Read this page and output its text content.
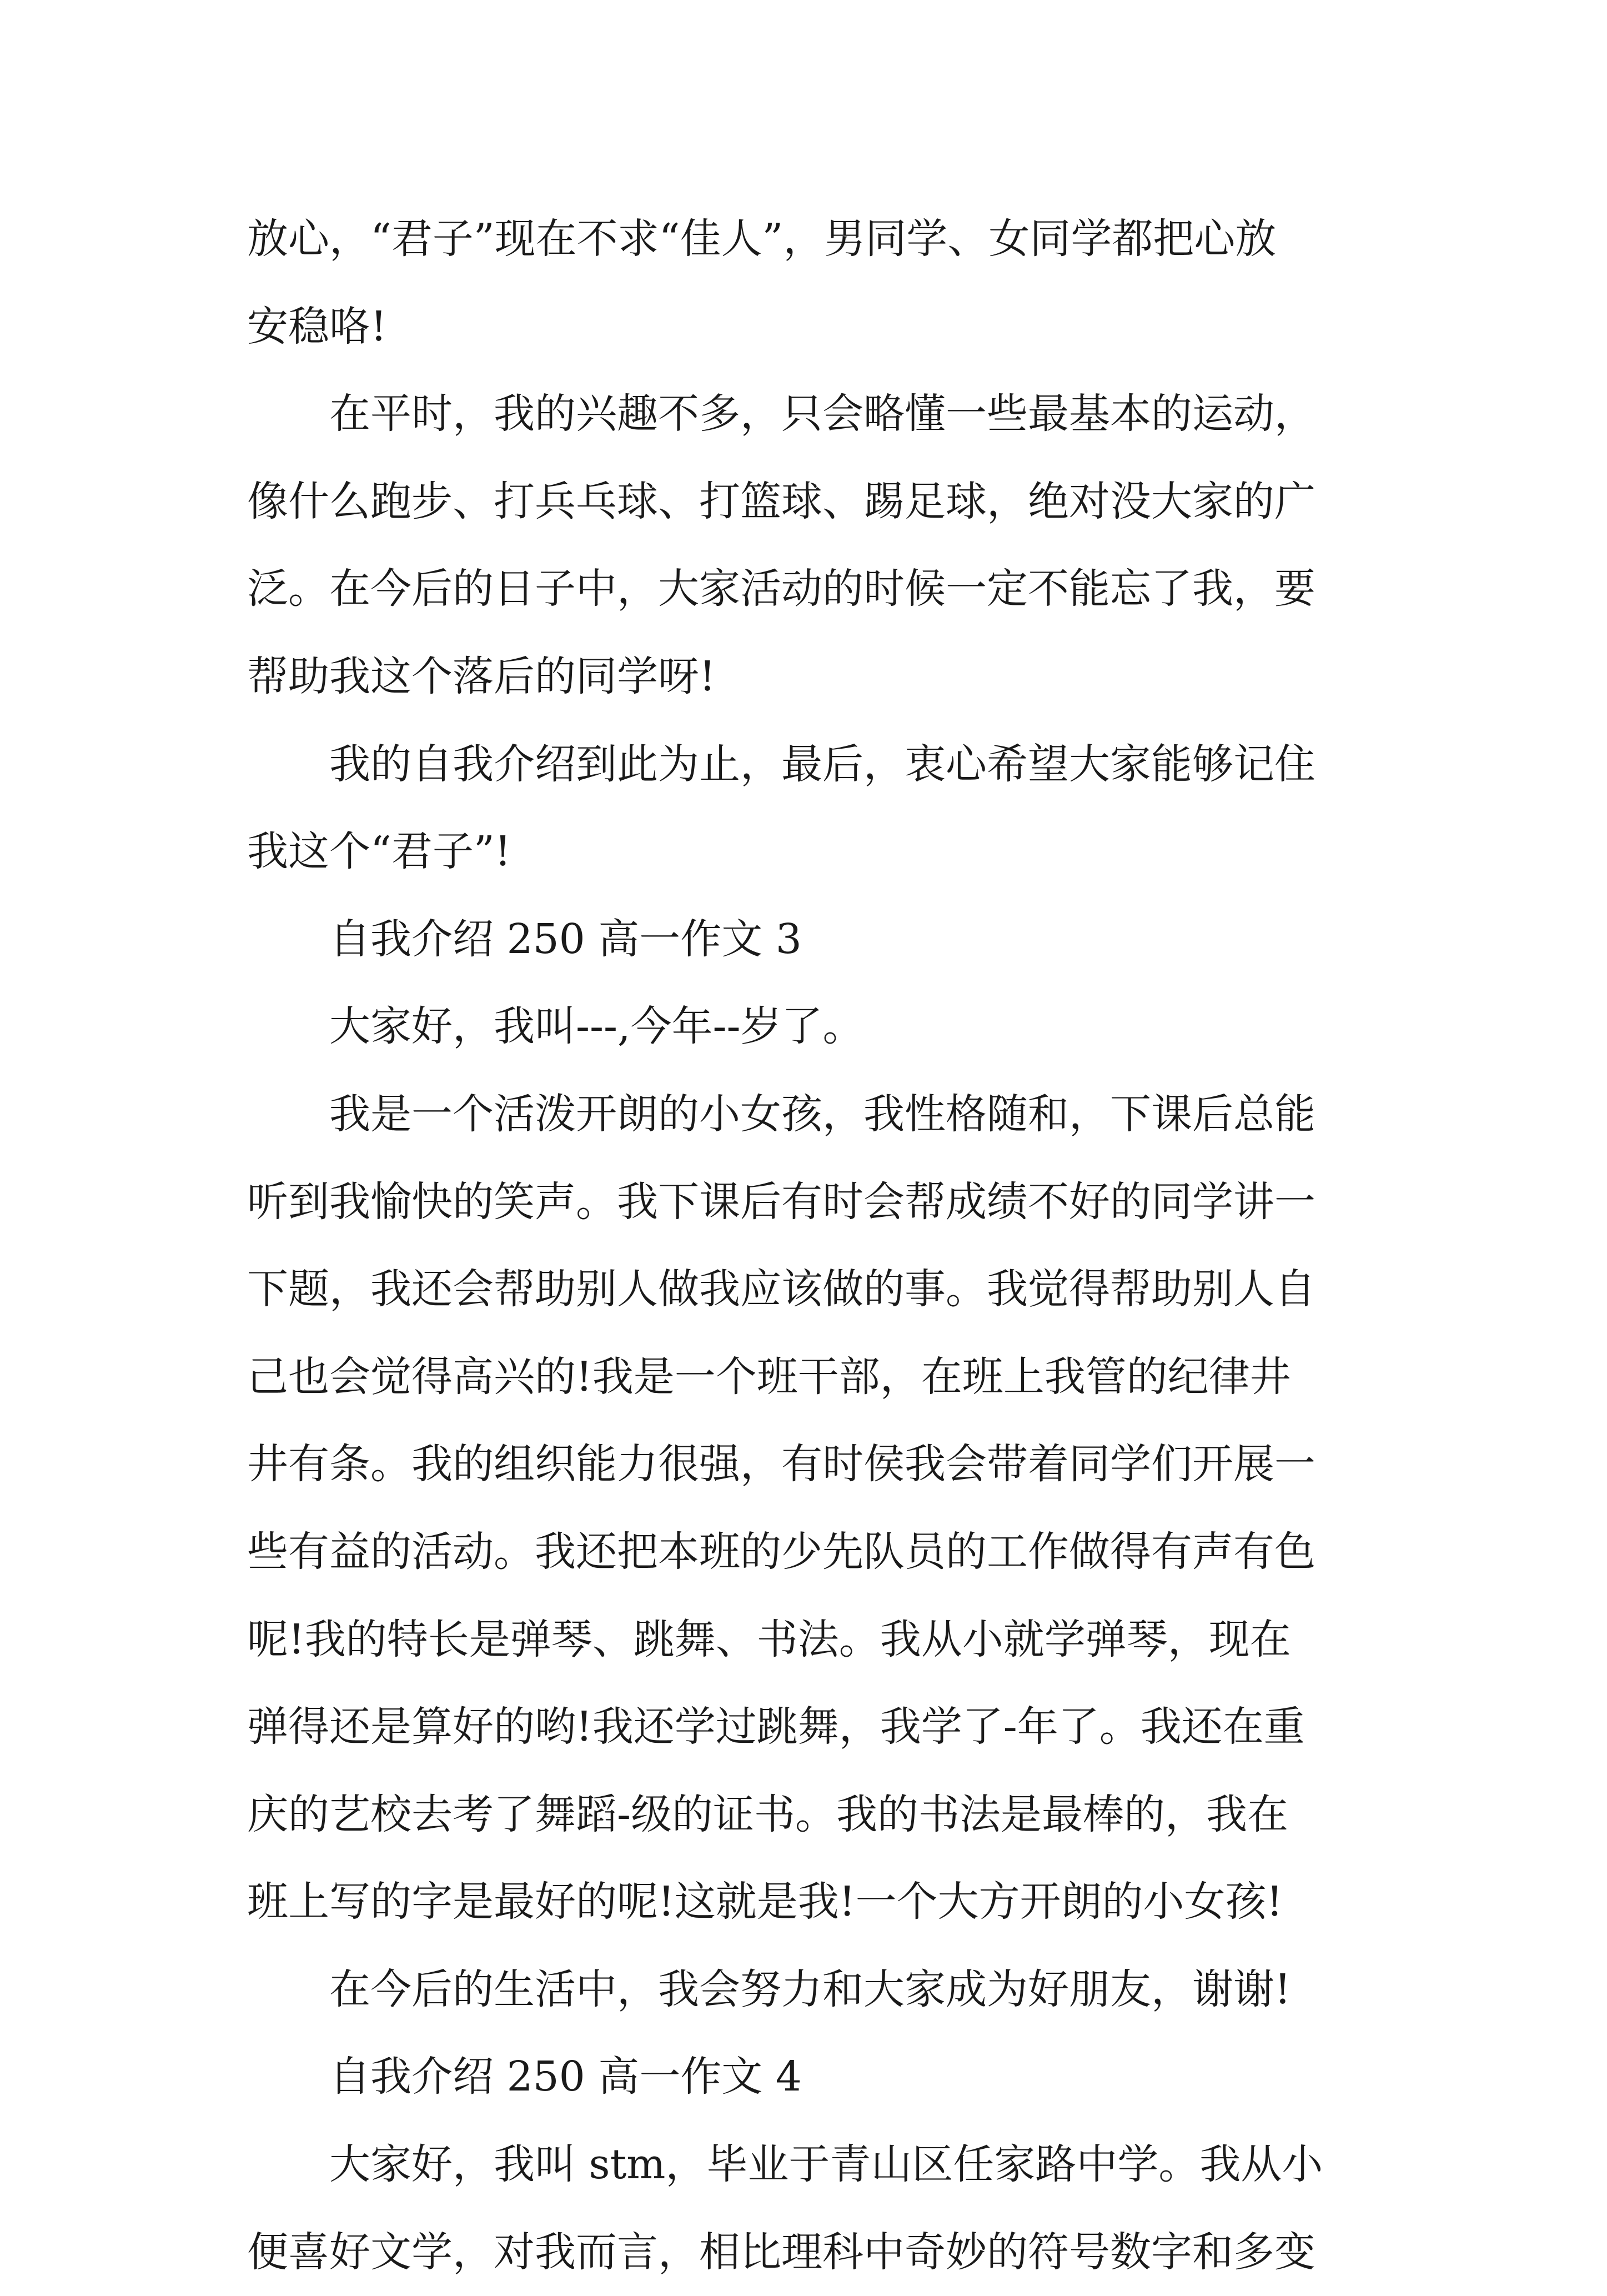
放心，“君子”现在不求“佳人”，男同学、女同学都把心放
安稳咯!
在平时，我的兴趣不多，只会略懂一些最基本的运动，
像什么跑步、打兵乓球、打篮球、踢足球，绝对没大家的广
泛。在今后的日子中，大家活动的时候一定不能忘了我，要
帮助我这个落后的同学呀!
我的自我介绍到此为止，最后，衷心希望大家能够记住
我这个“君子”!
自我介绍 250 高一作文 3
大家好，我叫---,今年--岁了。
我是一个活泼开朗的小女孩，我性格随和，下课后总能
听到我愉快的笑声。我下课后有时会帮成绩不好的同学讲一
下题，我还会帮助别人做我应该做的事。我觉得帮助别人自
己也会觉得高兴的!我是一个班干部，在班上我管的纪律井
井有条。我的组织能力很强，有时侯我会带着同学们开展一
些有益的活动。我还把本班的少先队员的工作做得有声有色
呢!我的特长是弹琴、跳舞、书法。我从小就学弹琴，现在
弹得还是算好的哟!我还学过跳舞，我学了-年了。我还在重
庆的艺校去考了舞蹈-级的证书。我的书法是最棒的，我在
班上写的字是最好的呢!这就是我!一个大方开朗的小女孩!
在今后的生活中，我会努力和大家成为好朋友，谢谢!
自我介绍 250 高一作文 4
大家好，我叫 stm，毕业于青山区任家路中学。我从小
便喜好文学，对我而言，相比理科中奇妙的符号数字和多变
